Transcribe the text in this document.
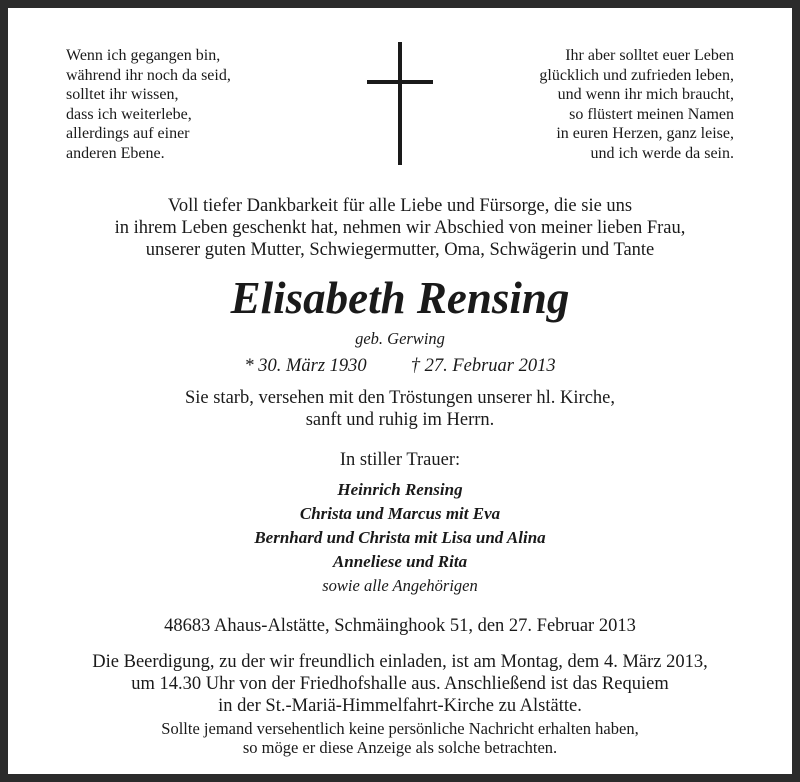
Wenn ich gegangen bin,
während ihr noch da seid,
solltet ihr wissen,
dass ich weiterlebe,
allerdings auf einer
anderen Ebene.
Ihr aber solltet euer Leben
glücklich und zufrieden leben,
und wenn ihr mich braucht,
so flüstert meinen Namen
in euren Herzen, ganz leise,
und ich werde da sein.
Voll tiefer Dankbarkeit für alle Liebe und Fürsorge, die sie uns
in ihrem Leben geschenkt hat, nehmen wir Abschied von meiner lieben Frau,
unserer guten Mutter, Schwiegermutter, Oma, Schwägerin und Tante
Elisabeth Rensing
geb. Gerwing
* 30. März 1930 † 27. Februar 2013
Sie starb, versehen mit den Tröstungen unserer hl. Kirche,
sanft und ruhig im Herrn.
In stiller Trauer:
Heinrich Rensing
Christa und Marcus mit Eva
Bernhard und Christa mit Lisa und Alina
Anneliese und Rita
sowie alle Angehörigen
48683 Ahaus-Alstätte, Schmäinghook 51, den 27. Februar 2013
Die Beerdigung, zu der wir freundlich einladen, ist am Montag, dem 4. März 2013,
um 14.30 Uhr von der Friedhofshalle aus. Anschließend ist das Requiem
in der St.-Mariä-Himmelfahrt-Kirche zu Alstätte.
Sollte jemand versehentlich keine persönliche Nachricht erhalten haben,
so möge er diese Anzeige als solche betrachten.
